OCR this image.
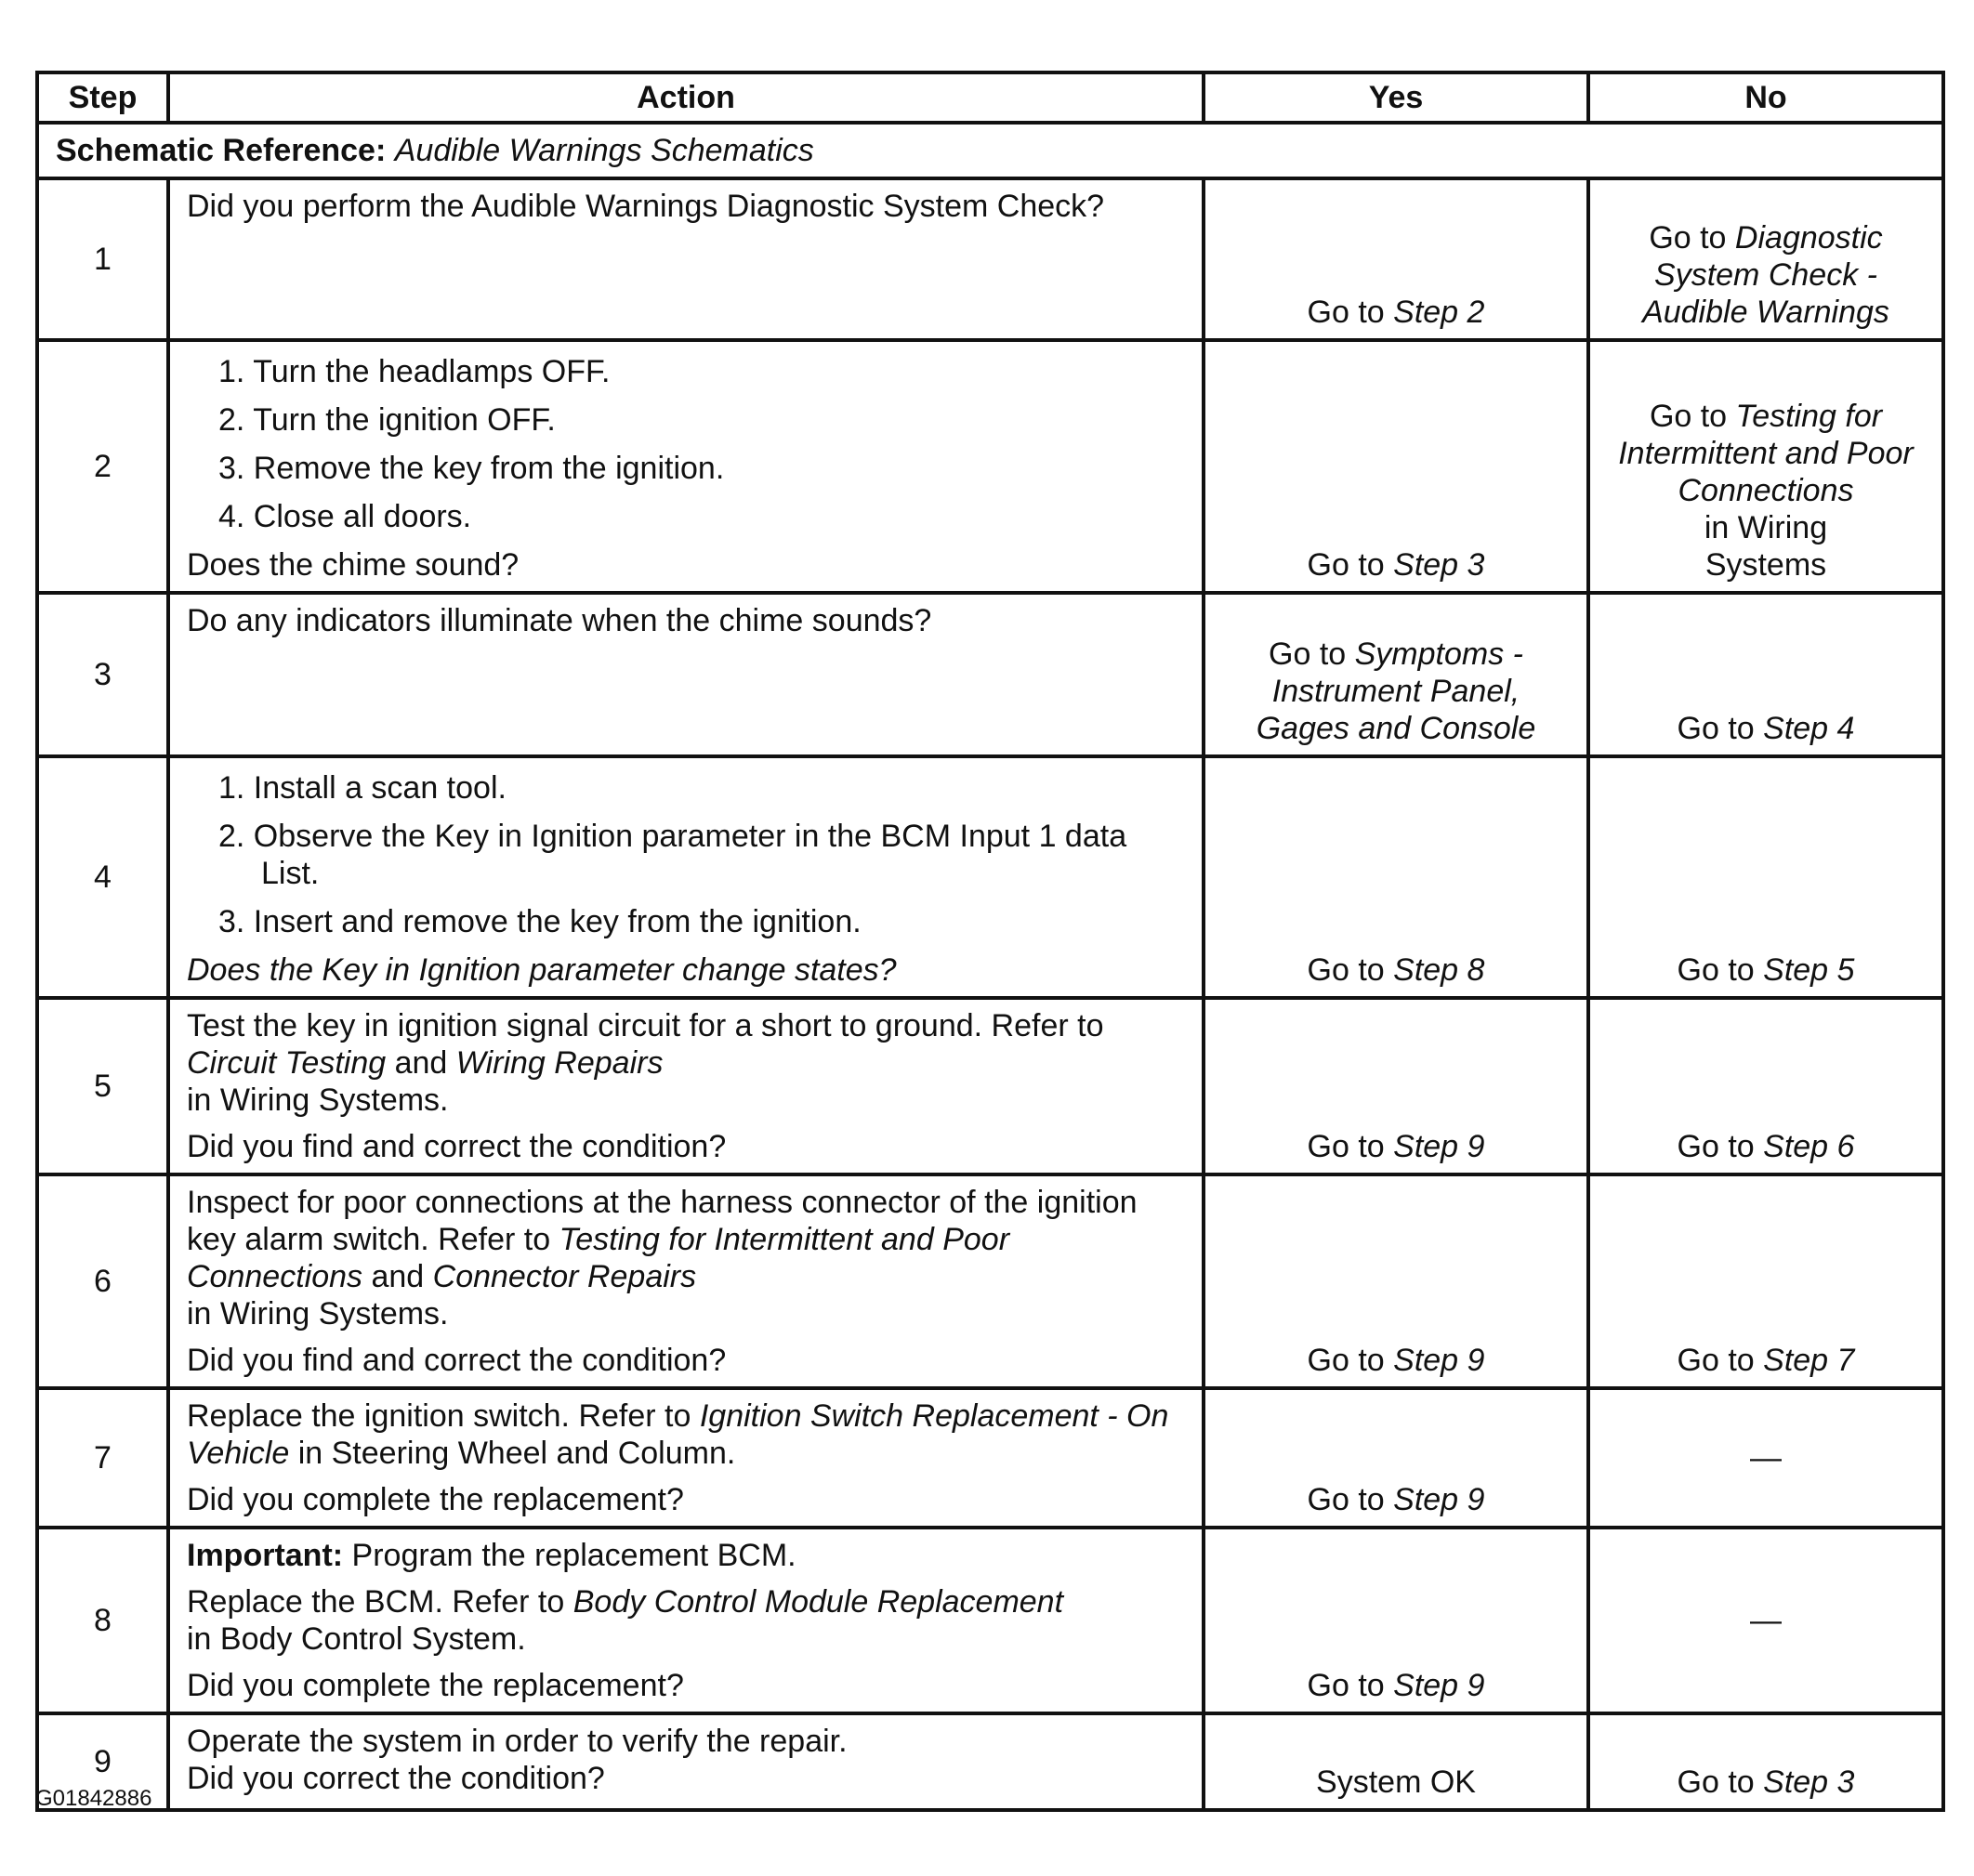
Step	Action	Yes	No
Schematic Reference: Audible Warnings Schematics			
1	Did you perform the Audible Warnings Diagnostic System Check?	Go to Step 2	Go to Diagnostic
System Check -
Audible Warnings

2	1. Turn the headlamps OFF.
2. Turn the ignition OFF.
3. Remove the key from the ignition.
4. Close all doors.
Does the chime sound?	Go to Step 3	Go to Testing for
Intermittent and Poor
Connections
in Wiring
Systems

3	Do any indicators illuminate when the chime sounds?	Go to Symptoms -
Instrument Panel,
Gages and Console	Go to Step 4
4	1. Install a scan tool.
2. Observe the Key in Ignition parameter in the BCM Input 1 data List.
3. Insert and remove the key from the ignition.
Does the Key in Ignition parameter change states?	Go to Step 8	Go to Step 5
5	Test the key in ignition signal circuit for a short to ground. Refer to Circuit Testing and Wiring Repairs
in Wiring Systems.
Did you find and correct the condition?	Go to Step 9	Go to Step 6
6	Inspect for poor connections at the harness connector of the ignition key alarm switch. Refer to Testing for Intermittent and Poor Connections and Connector Repairs
in Wiring Systems.
Did you find and correct the condition?	Go to Step 9	Go to Step 7
7	Replace the ignition switch. Refer to Ignition Switch Replacement - On Vehicle in Steering Wheel and Column.
Did you complete the replacement?	Go to Step 9	—
8	Important: Program the replacement BCM.
Replace the BCM. Refer to Body Control Module Replacement
in Body Control System.
Did you complete the replacement?	Go to Step 9	—
9	Operate the system in order to verify the repair.
Did you correct the condition?	System OK	Go to Step 3
G01842886
